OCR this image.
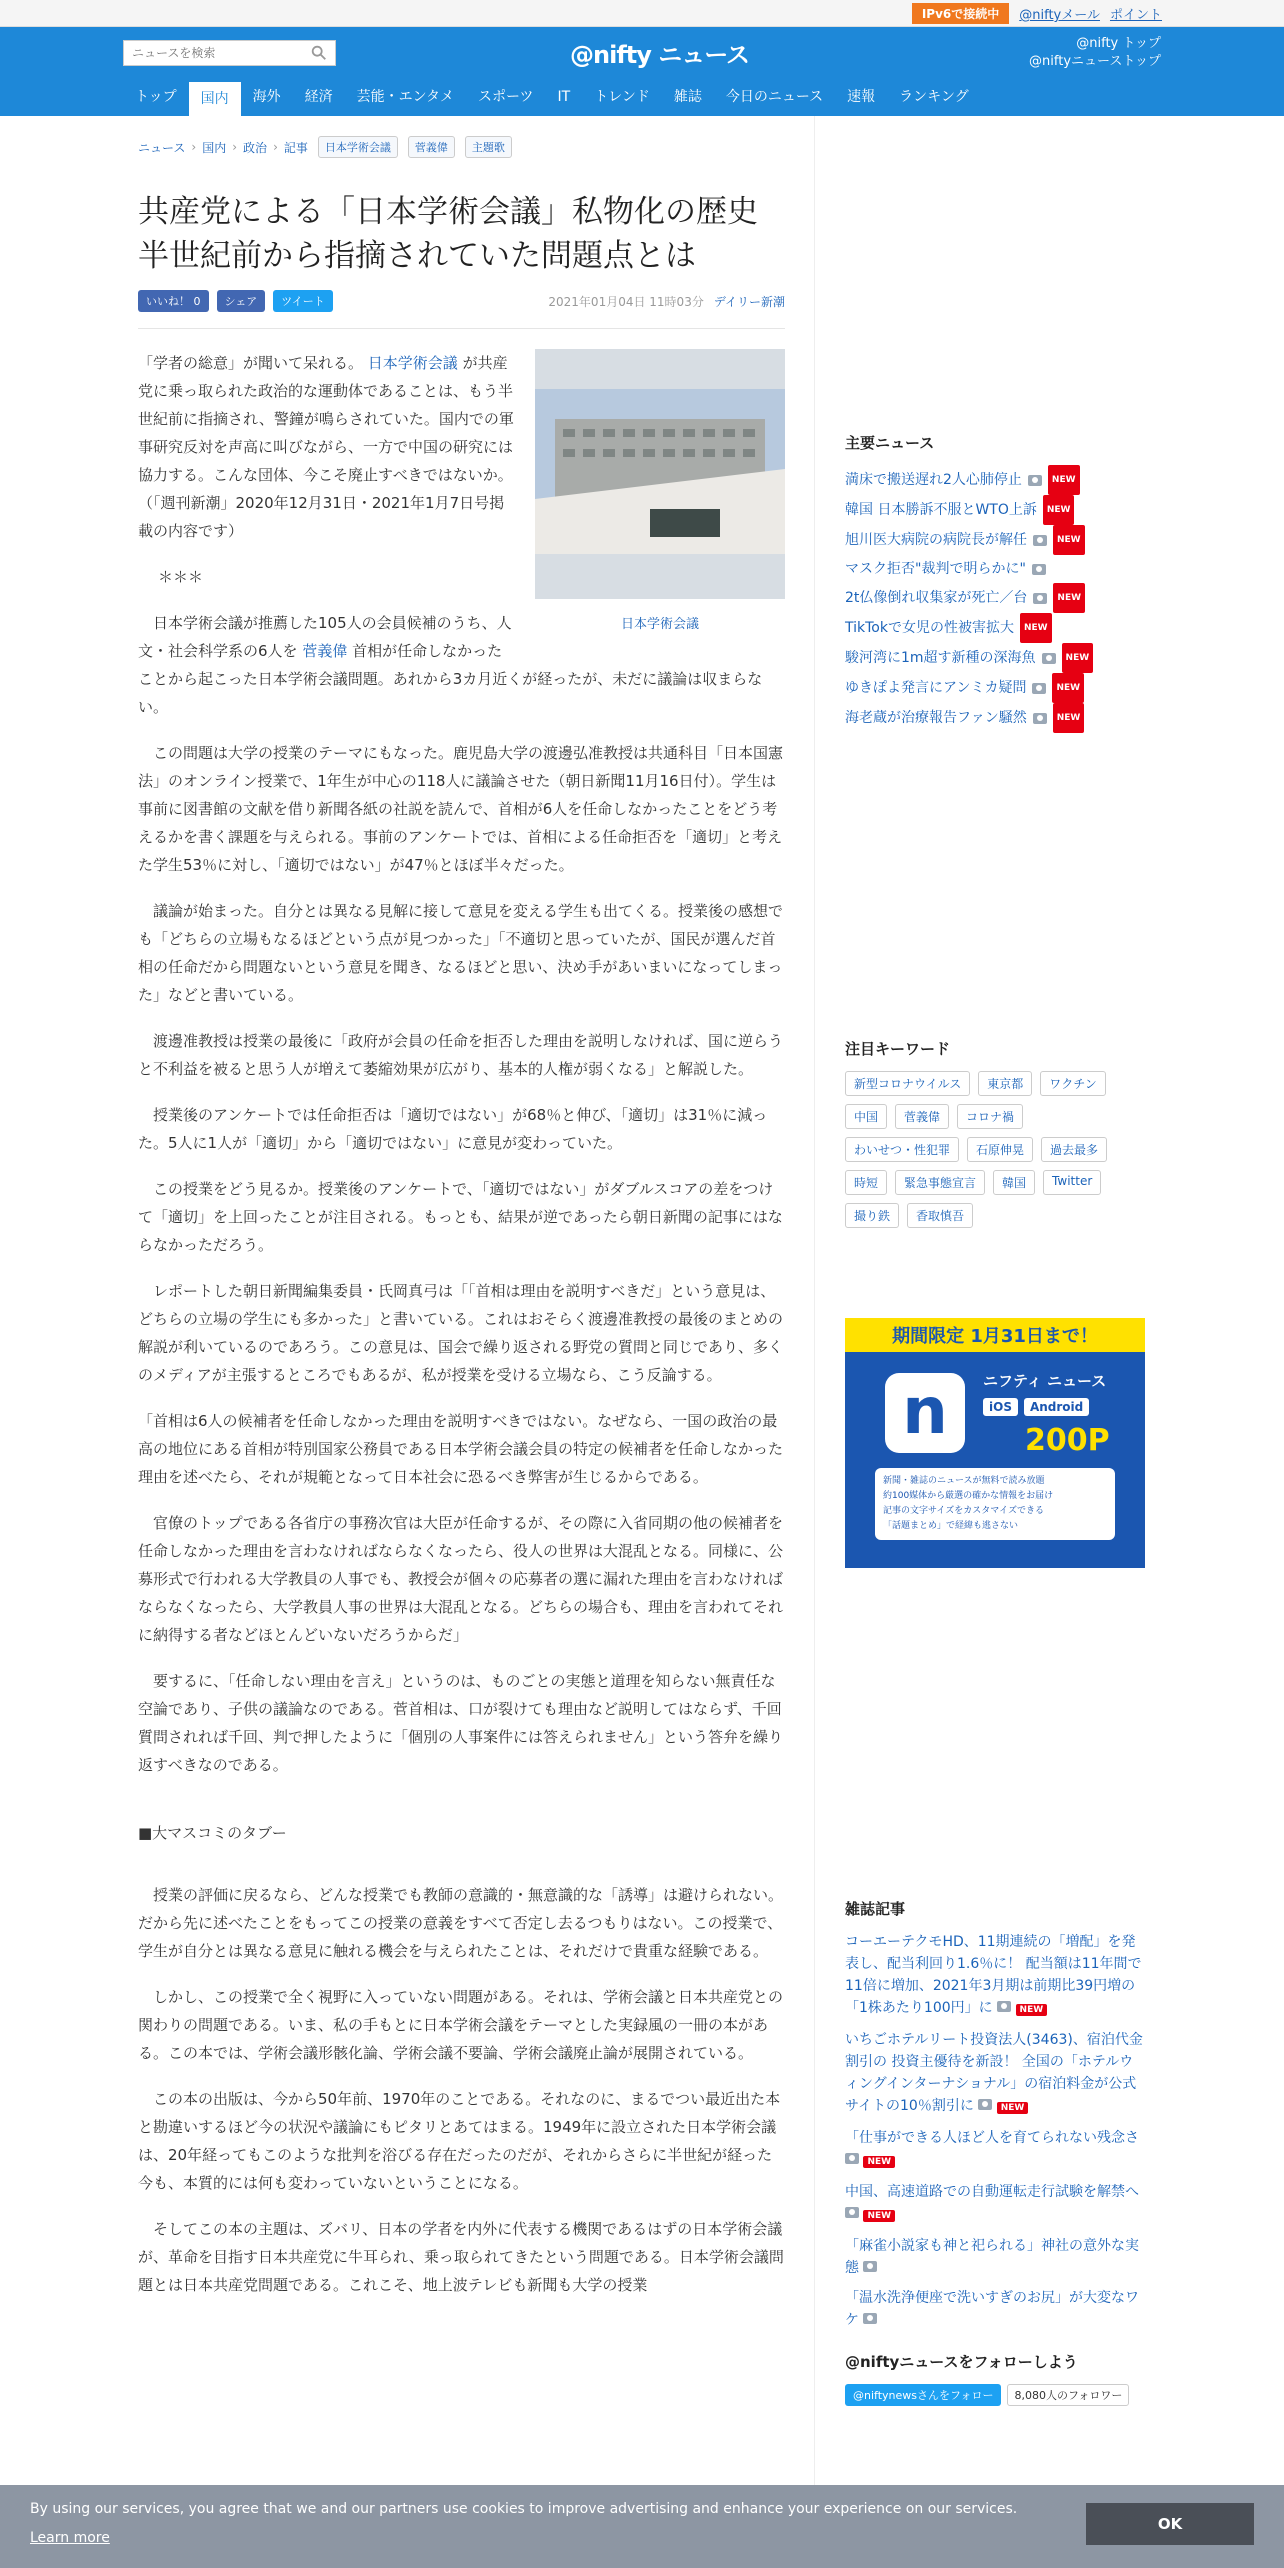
IPv6で接続中	@niftyメール ポイント
ニュースを検索
@nifty ニュース	@nifty トップ
@niftyニューストップ
トップ	国内	海外	経済	芸能・エンタメ	スポーツ	IT	トレンド	雑誌	今日のニュース	速報	ランキング
ニュース › 国内 › 政治 › 記事	日本学術会議	菅義偉	主題歌
共産党による「日本学術会議」私物化の歴史　半世紀前から指摘されていた問題点とは
いいね！ 0	シェア	ツイート	2021年01月04日 11時03分 デイリー新潮
日本学術会議

「学者の総意」が聞いて呆れる。 日本学術会議 が共産党に乗っ取られた政治的な運動体であることは、もう半世紀前に指摘され、警鐘が鳴らされていた。国内での軍事研究反対を声高に叫びながら、一方で中国の研究には協力する。こんな団体、今こそ廃止すべきではないか。（「週刊新潮」2020年12月31日・2021年1月7日号掲載の内容です）

＊＊＊

　日本学術会議が推薦した105人の会員候補のうち、人文・社会科学系の6人を 菅義偉 首相が任命しなかったことから起こった日本学術会議問題。あれから3カ月近くが経ったが、未だに議論は収まらない。

　この問題は大学の授業のテーマにもなった。鹿児島大学の渡邊弘准教授は共通科目「日本国憲法」のオンライン授業で、1年生が中心の118人に議論させた（朝日新聞11月16日付）。学生は事前に図書館の文献を借り新聞各紙の社説を読んで、首相が6人を任命しなかったことをどう考えるかを書く課題を与えられる。事前のアンケートでは、首相による任命拒否を「適切」と考えた学生53％に対し、「適切ではない」が47％とほぼ半々だった。

　議論が始まった。自分とは異なる見解に接して意見を変える学生も出てくる。授業後の感想でも「どちらの立場もなるほどという点が見つかった」「不適切と思っていたが、国民が選んだ首相の任命だから問題ないという意見を聞き、なるほどと思い、決め手があいまいになってしまった」などと書いている。

　渡邊准教授は授業の最後に「政府が会員の任命を拒否した理由を説明しなければ、国に逆らうと不利益を被ると思う人が増えて萎縮効果が広がり、基本的人権が弱くなる」と解説した。

　授業後のアンケートでは任命拒否は「適切ではない」が68％と伸び、「適切」は31％に減った。5人に1人が「適切」から「適切ではない」に意見が変わっていた。

　この授業をどう見るか。授業後のアンケートで、「適切ではない」がダブルスコアの差をつけて「適切」を上回ったことが注目される。もっとも、結果が逆であったら朝日新聞の記事にはならなかっただろう。

　レポートした朝日新聞編集委員・氏岡真弓は「「首相は理由を説明すべきだ」という意見は、どちらの立場の学生にも多かった」と書いている。これはおそらく渡邊准教授の最後のまとめの解説が利いているのであろう。この意見は、国会で繰り返される野党の質問と同じであり、多くのメディアが主張するところでもあるが、私が授業を受ける立場なら、こう反論する。

「首相は6人の候補者を任命しなかった理由を説明すべきではない。なぜなら、一国の政治の最高の地位にある首相が特別国家公務員である日本学術会議会員の特定の候補者を任命しなかった理由を述べたら、それが規範となって日本社会に恐るべき弊害が生じるからである。

　官僚のトップである各省庁の事務次官は大臣が任命するが、その際に入省同期の他の候補者を任命しなかった理由を言わなければならなくなったら、役人の世界は大混乱となる。同様に、公募形式で行われる大学教員の人事でも、教授会が個々の応募者の選に漏れた理由を言わなければならなくなったら、大学教員人事の世界は大混乱となる。どちらの場合も、理由を言われてそれに納得する者などほとんどいないだろうからだ」

　要するに、「任命しない理由を言え」というのは、ものごとの実態と道理を知らない無責任な空論であり、子供の議論なのである。菅首相は、口が裂けても理由など説明してはならず、千回質問されれば千回、判で押したように「個別の人事案件には答えられません」という答弁を繰り返すべきなのである。

■大マスコミのタブー

　授業の評価に戻るなら、どんな授業でも教師の意識的・無意識的な「誘導」は避けられない。だから先に述べたことをもってこの授業の意義をすべて否定し去るつもりはない。この授業で、学生が自分とは異なる意見に触れる機会を与えられたことは、それだけで貴重な経験である。

　しかし、この授業で全く視野に入っていない問題がある。それは、学術会議と日本共産党との関わりの問題である。いま、私の手もとに日本学術会議をテーマとした実録風の一冊の本がある。この本では、学術会議形骸化論、学術会議不要論、学術会議廃止論が展開されている。

　この本の出版は、今から50年前、1970年のことである。それなのに、まるでつい最近出た本と勘違いするほど今の状況や議論にもピタリとあてはまる。1949年に設立された日本学術会議は、20年経ってもこのような批判を浴びる存在だったのだが、それからさらに半世紀が経った今も、本質的には何も変わっていないということになる。

　そしてこの本の主題は、ズバリ、日本の学者を内外に代表する機関であるはずの日本学術会議が、革命を目指す日本共産党に牛耳られ、乗っ取られてきたという問題である。日本学術会議問題とは日本共産党問題である。これこそ、地上波テレビも新聞も大学の授業

主要ニュース
満床で搬送遅れ2人心肺停止	NEW
韓国 日本勝訴不服とWTO上訴	NEW
旭川医大病院の病院長が解任	NEW
マスク拒否"裁判で明らかに"
2t仏像倒れ収集家が死亡／台	NEW
TikTokで女児の性被害拡大	NEW
駿河湾に1m超す新種の深海魚	NEW
ゆきぽよ発言にアンミカ疑問	NEW
海老蔵が治療報告ファン騒然	NEW
注目キーワード
新型コロナウイルス	東京都	ワクチン
中国	菅義偉	コロナ禍
わいせつ・性犯罪	石原伸晃	過去最多
時短	緊急事態宣言	韓国	Twitter
撮り鉄	香取慎吾
期間限定 1月31日まで！
n	ニフティ ニュース
iOS	Android
200P
新聞・雑誌のニュースが無料で読み放題
約100媒体から厳選の確かな情報をお届け
記事の文字サイズをカスタマイズできる
「話題まとめ」で経緯も逃さない
雑誌記事
コーエーテクモHD、11期連続の「増配」を発表し、配当利回り1.6％に！ 配当額は11年間で11倍に増加、2021年3月期は前期比39円増の「1株あたり100円」に	NEW
いちごホテルリート投資法人(3463)、宿泊代金割引の 投資主優待を新設！ 全国の「ホテルウィングインターナショナル」の宿泊料金が公式サイトの10％割引に	NEW
「仕事ができる人ほど人を育てられない残念さ  NEW
中国、高速道路での自動運転走行試験を解禁へ  NEW
「麻雀小説家も神と祀られる」神社の意外な実態
「温水洗浄便座で洗いすぎのお尻」が大変なワケ
@niftyニュースをフォローしよう
@niftynewsさんをフォロー	8,080人のフォロワー
By using our services, you agree that we and our partners use cookies to improve advertising and enhance your experience on our services.
Learn more
OK
